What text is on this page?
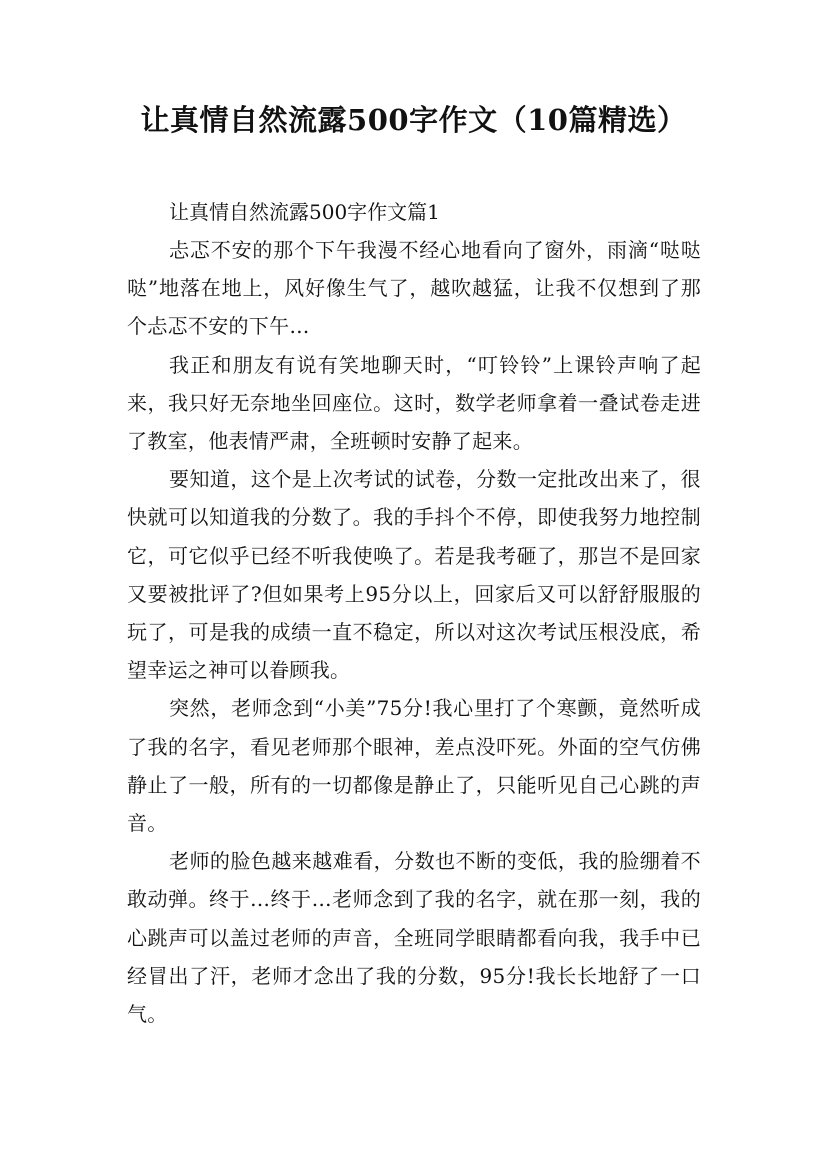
让真情自然流露500字作文（10篇精选）

让真情自然流露500字作文篇1

忐忑不安的那个下午我漫不经心地看向了窗外，雨滴“哒哒哒”地落在地上，风好像生气了，越吹越猛，让我不仅想到了那个忐忑不安的下午…

我正和朋友有说有笑地聊天时，“叮铃铃”上课铃声响了起来，我只好无奈地坐回座位。这时，数学老师拿着一叠试卷走进了教室，他表情严肃，全班顿时安静了起来。

要知道，这个是上次考试的试卷，分数一定批改出来了，很快就可以知道我的分数了。我的手抖个不停，即使我努力地控制它，可它似乎已经不听我使唤了。若是我考砸了，那岂不是回家又要被批评了?但如果考上95分以上，回家后又可以舒舒服服的玩了，可是我的成绩一直不稳定，所以对这次考试压根没底，希望幸运之神可以眷顾我。

突然，老师念到“小美”75分!我心里打了个寒颤，竟然听成了我的名字，看见老师那个眼神，差点没吓死。外面的空气仿佛静止了一般，所有的一切都像是静止了，只能听见自己心跳的声音。

老师的脸色越来越难看，分数也不断的变低，我的脸绷着不敢动弹。终于…终于…老师念到了我的名字，就在那一刻，我的心跳声可以盖过老师的声音，全班同学眼睛都看向我，我手中已经冒出了汗，老师才念出了我的分数，95分!我长长地舒了一口气。
